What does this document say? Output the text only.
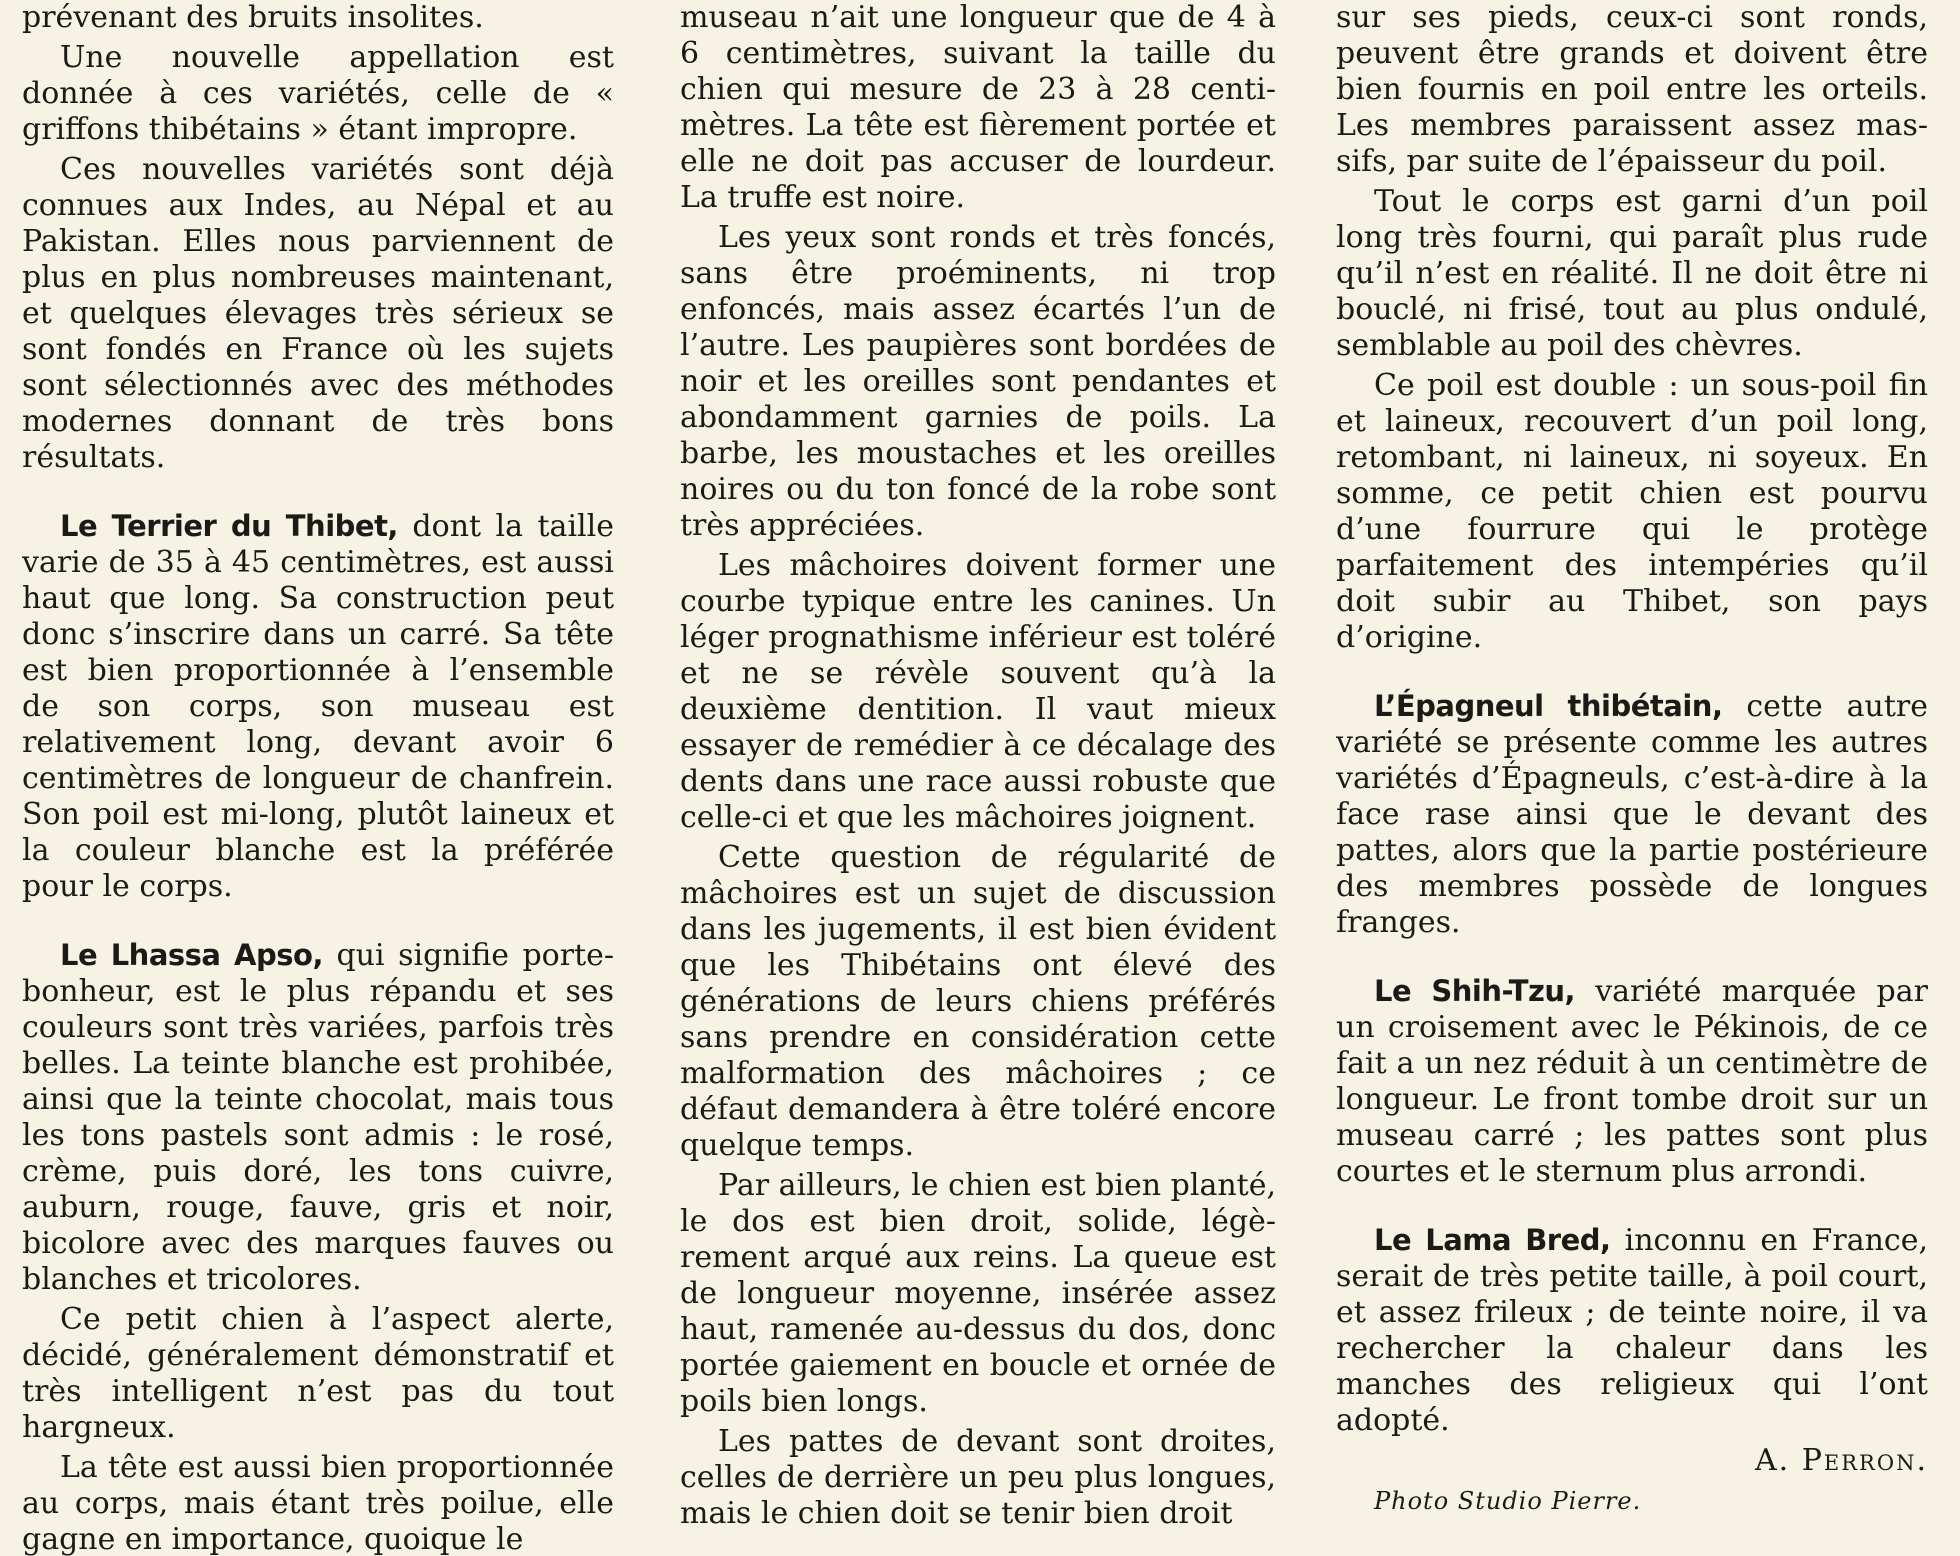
prévenant des bruits insolites.

Une nouvelle appellation est donnée à ces variétés, celle de « griffons thibétains » étant impropre.

Ces nouvelles variétés sont déjà connues aux Indes, au Népal et au Pakistan. Elles nous parviennent de plus en plus nombreuses maintenant, et quelques élevages très sérieux se sont fondés en France où les sujets sont sélectionnés avec des méthodes modernes donnant de très bons résultats.

Le Terrier du Thibet, dont la taille varie de 35 à 45 centimètres, est aussi haut que long. Sa construction peut donc s’inscrire dans un carré. Sa tête est bien proportionnée à l’ensemble de son corps, son museau est relativement long, devant avoir 6 centimètres de longueur de chanfrein. Son poil est mi-long, plutôt laineux et la couleur blanche est la préférée pour le corps.

Le Lhassa Apso, qui signifie porte-bonheur, est le plus répandu et ses couleurs sont très variées, parfois très belles. La teinte blanche est prohibée, ainsi que la teinte chocolat, mais tous les tons pastels sont admis : le rosé, crème, puis doré, les tons cuivre, auburn, rouge, fauve, gris et noir, bicolore avec des marques fauves ou blanches et tricolores.

Ce petit chien à l’aspect alerte, décidé, généralement démonstratif et très intelligent n’est pas du tout hargneux.

La tête est aussi bien proportionnée au corps, mais étant très poilue, elle gagne en importance, quoique le

museau n’ait une longueur que de 4 à 6 centimètres, suivant la taille du chien qui mesure de 23 à 28 centimètres. La tête est fièrement portée et elle ne doit pas accuser de lourdeur. La truffe est noire.

Les yeux sont ronds et très foncés, sans être proéminents, ni trop enfoncés, mais assez écartés l’un de l’autre. Les paupières sont bordées de noir et les oreilles sont pendantes et abondamment garnies de poils. La barbe, les moustaches et les oreilles noires ou du ton foncé de la robe sont très appréciées.

Les mâchoires doivent former une courbe typique entre les canines. Un léger prognathisme inférieur est toléré et ne se révèle souvent qu’à la deuxième dentition. Il vaut mieux essayer de remédier à ce décalage des dents dans une race aussi robuste que celle-ci et que les mâchoires joignent.

Cette question de régularité de mâchoires est un sujet de discussion dans les jugements, il est bien évident que les Thibétains ont élevé des générations de leurs chiens préférés sans prendre en considération cette malformation des mâchoires ; ce défaut demandera à être toléré encore quelque temps.

Par ailleurs, le chien est bien planté, le dos est bien droit, solide, légèrement arqué aux reins. La queue est de longueur moyenne, insérée assez haut, ramenée au-dessus du dos, donc portée gaiement en boucle et ornée de poils bien longs.

Les pattes de devant sont droites, celles de derrière un peu plus longues, mais le chien doit se tenir bien droit

sur ses pieds, ceux-ci sont ronds, peuvent être grands et doivent être bien fournis en poil entre les orteils. Les membres paraissent assez massifs, par suite de l’épaisseur du poil.

Tout le corps est garni d’un poil long très fourni, qui paraît plus rude qu’il n’est en réalité. Il ne doit être ni bouclé, ni frisé, tout au plus ondulé, semblable au poil des chèvres.

Ce poil est double : un sous-poil fin et laineux, recouvert d’un poil long, retombant, ni laineux, ni soyeux. En somme, ce petit chien est pourvu d’une fourrure qui le protège parfaitement des intempéries qu’il doit subir au Thibet, son pays d’origine.

L’Épagneul thibétain, cette autre variété se présente comme les autres variétés d’Épagneuls, c’est-à-dire à la face rase ainsi que le devant des pattes, alors que la partie postérieure des membres possède de longues franges.

Le Shih-Tzu, variété marquée par un croisement avec le Pékinois, de ce fait a un nez réduit à un centimètre de longueur. Le front tombe droit sur un museau carré ; les pattes sont plus courtes et le sternum plus arrondi.

Le Lama Bred, inconnu en France, serait de très petite taille, à poil court, et assez frileux ; de teinte noire, il va rechercher la chaleur dans les manches des religieux qui l’ont adopté.

A. Perron.

Photo Studio Pierre.
